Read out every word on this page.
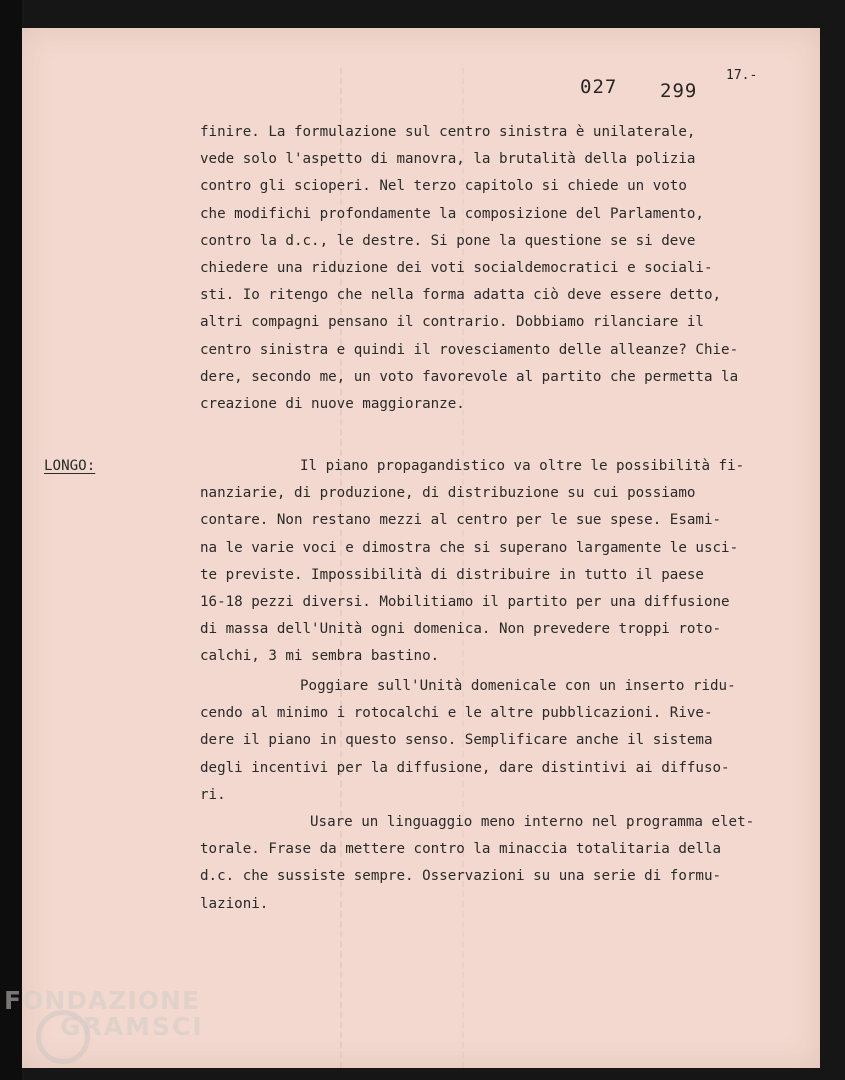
027 299
17.-
finire. La formulazione sul centro sinistra è unilaterale,
vede solo l'aspetto di manovra, la brutalità della polizia
contro gli scioperi. Nel terzo capitolo si chiede un voto
che modifichi profondamente la composizione del Parlamento,
contro la d.c., le destre. Si pone la questione se si deve
chiedere una riduzione dei voti socialdemocratici e sociali-
sti. Io ritengo che nella forma adatta ciò deve essere detto,
altri compagni pensano il contrario. Dobbiamo rilanciare il
centro sinistra e quindi il rovesciamento delle alleanze? Chie-
dere, secondo me, un voto favorevole al partito che permetta la
creazione di nuove maggioranze.
LONGO:	Il piano propagandistico va oltre le possibilità fi-
nanziarie, di produzione, di distribuzione su cui possiamo
contare. Non restano mezzi al centro per le sue spese. Esami-
na le varie voci e dimostra che si superano largamente le usci-
te previste. Impossibilità di distribuire in tutto il paese
16-18 pezzi diversi. Mobilitiamo il partito per una diffusione
di massa dell'Unità ogni domenica. Non prevedere troppi roto-
calchi, 3 mi sembra bastino.
Poggiare sull'Unità domenicale con un inserto ridu-
cendo al minimo i rotocalchi e le altre pubblicazioni. Rive-
dere il piano in questo senso. Semplificare anche il sistema
degli incentivi per la diffusione, dare distintivi ai diffuso-
ri.
Usare un linguaggio meno interno nel programma elet-
torale. Frase da mettere contro la minaccia totalitaria della
d.c. che sussiste sempre. Osservazioni su una serie di formu-
lazioni.
FONDAZIONE
GRAMSCI
